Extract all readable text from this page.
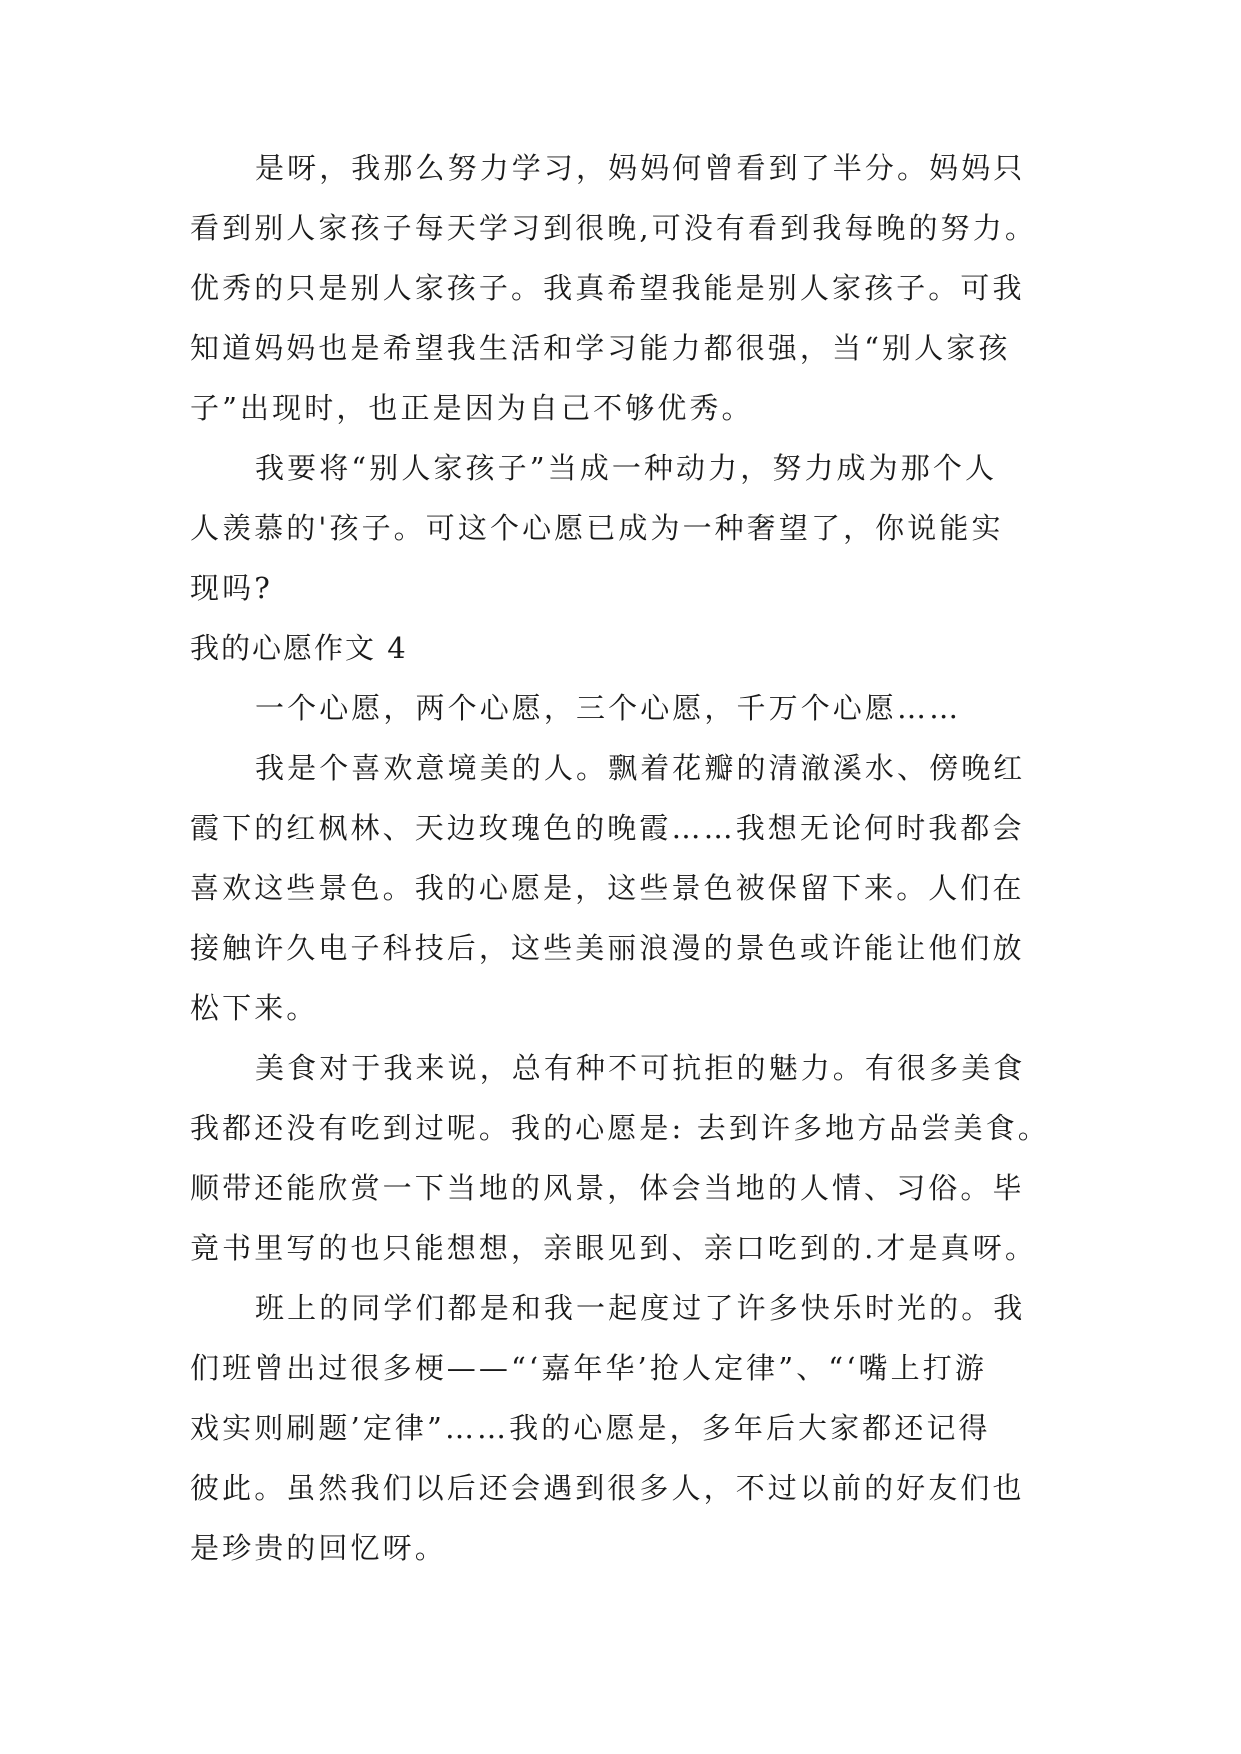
是呀，我那么努力学习，妈妈何曾看到了半分。妈妈只

看到别人家孩子每天学习到很晚,可没有看到我每晚的努力。

优秀的只是别人家孩子。我真希望我能是别人家孩子。可我

知道妈妈也是希望我生活和学习能力都很强，当“别人家孩

子”出现时，也正是因为自己不够优秀。

我要将“别人家孩子”当成一种动力，努力成为那个人

人羡慕的'孩子。可这个心愿已成为一种奢望了，你说能实

现吗?

我的心愿作文 4

一个心愿，两个心愿，三个心愿，千万个心愿……

我是个喜欢意境美的人。飘着花瓣的清澈溪水、傍晚红

霞下的红枫林、天边玫瑰色的晚霞……我想无论何时我都会

喜欢这些景色。我的心愿是，这些景色被保留下来。人们在

接触许久电子科技后，这些美丽浪漫的景色或许能让他们放

松下来。

美食对于我来说，总有种不可抗拒的魅力。有很多美食

我都还没有吃到过呢。我的心愿是: 去到许多地方品尝美食。

顺带还能欣赏一下当地的风景，体会当地的人情、习俗。毕

竟书里写的也只能想想，亲眼见到、亲口吃到的.才是真呀。

班上的同学们都是和我一起度过了许多快乐时光的。我

们班曾出过很多梗——“‘嘉年华’抢人定律”、“‘嘴上打游

戏实则刷题’定律”……我的心愿是，多年后大家都还记得

彼此。虽然我们以后还会遇到很多人，不过以前的好友们也

是珍贵的回忆呀。
